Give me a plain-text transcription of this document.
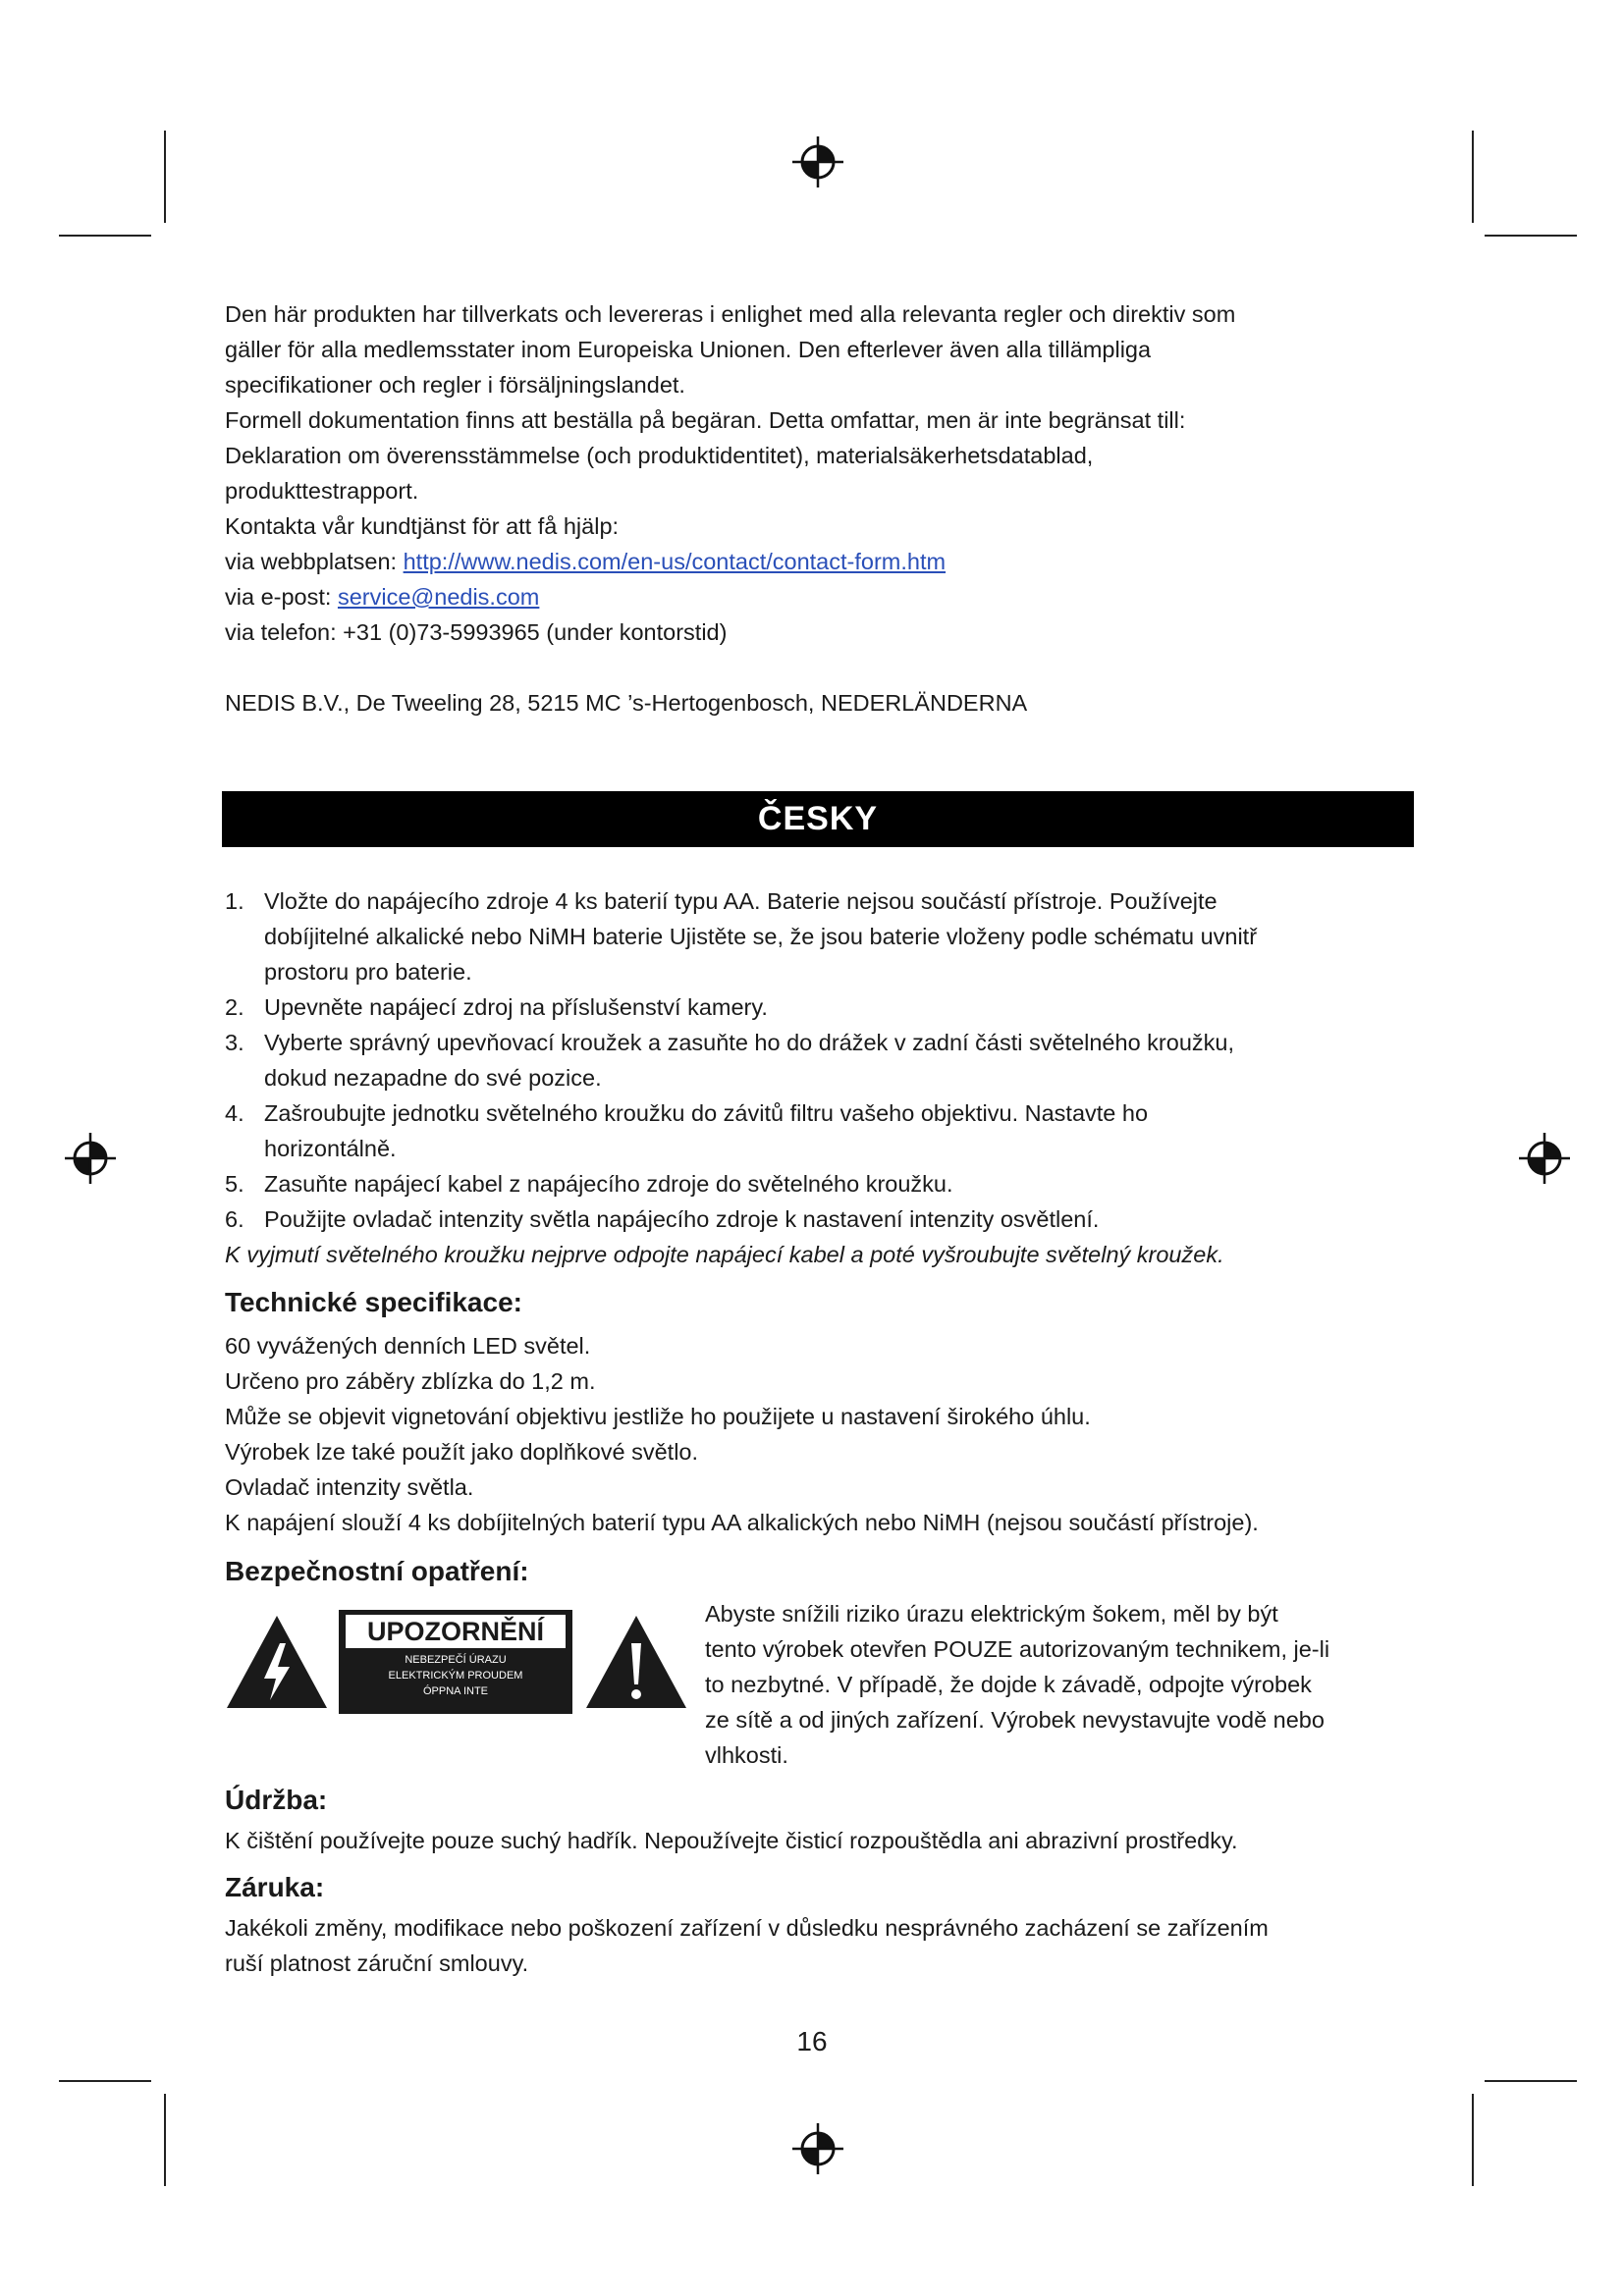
Den här produkten har tillverkats och levereras i enlighet med alla relevanta regler och direktiv som

gäller för alla medlemsstater inom Europeiska Unionen. Den efterlever även alla tillämpliga

specifikationer och regler i försäljningslandet.

Formell dokumentation finns att beställa på begäran. Detta omfattar, men är inte begränsat till:

Deklaration om överensstämmelse (och produktidentitet), materialsäkerhetsdatablad,

produkttestrapport.

Kontakta vår kundtjänst för att få hjälp:

via webbplatsen: http://www.nedis.com/en-us/contact/contact-form.htm

via e-post: service@nedis.com

via telefon: +31 (0)73-5993965 (under kontorstid)

NEDIS B.V., De Tweeling 28, 5215 MC ’s-Hertogenbosch, NEDERLÄNDERNA

ČESKY
1. Vložte do napájecího zdroje 4 ks baterií typu AA. Baterie nejsou součástí přístroje. Používejte

dobíjitelné alkalické nebo NiMH baterie Ujistěte se, že jsou baterie vloženy podle schématu uvnitř

prostoru pro baterie.

2. Upevněte napájecí zdroj na příslušenství kamery.

3. Vyberte správný upevňovací kroužek a zasuňte ho do drážek v zadní části světelného kroužku,

dokud nezapadne do své pozice.

4. Zašroubujte jednotku světelného kroužku do závitů filtru vašeho objektivu. Nastavte ho

horizontálně.

5. Zasuňte napájecí kabel z napájecího zdroje do světelného kroužku.

6. Použijte ovladač intenzity světla napájecího zdroje k nastavení intenzity osvětlení.

K vyjmutí světelného kroužku nejprve odpojte napájecí kabel a poté vyšroubujte světelný kroužek.

Technické specifikace:

60 vyvážených denních LED světel.

Určeno pro záběry zblízka do 1,2 m.

Může se objevit vignetování objektivu jestliže ho použijete u nastavení širokého úhlu.

Výrobek lze také použít jako doplňkové světlo.

Ovladač intenzity světla.

K napájení slouží 4 ks dobíjitelných baterií typu AA alkalických nebo NiMH (nejsou součástí přístroje).

Bezpečnostní opatření:
UPOZORNĚNÍ
NEBEZPEČÍ ÚRAZU
ELEKTRICKÝM PROUDEM
ÓPPNA INTE

Abyste snížili riziko úrazu elektrickým šokem, měl by být

tento výrobek otevřen POUZE autorizovaným technikem, je-li

to nezbytné. V případě, že dojde k závadě, odpojte výrobek

ze sítě a od jiných zařízení. Výrobek nevystavujte vodě nebo

vlhkosti.

Údržba:

K čištění používejte pouze suchý hadřík. Nepoužívejte čisticí rozpouštědla ani abrazivní prostředky.

Záruka:

Jakékoli změny, modifikace nebo poškození zařízení v důsledku nesprávného zacházení se zařízením

ruší platnost záruční smlouvy.

16
